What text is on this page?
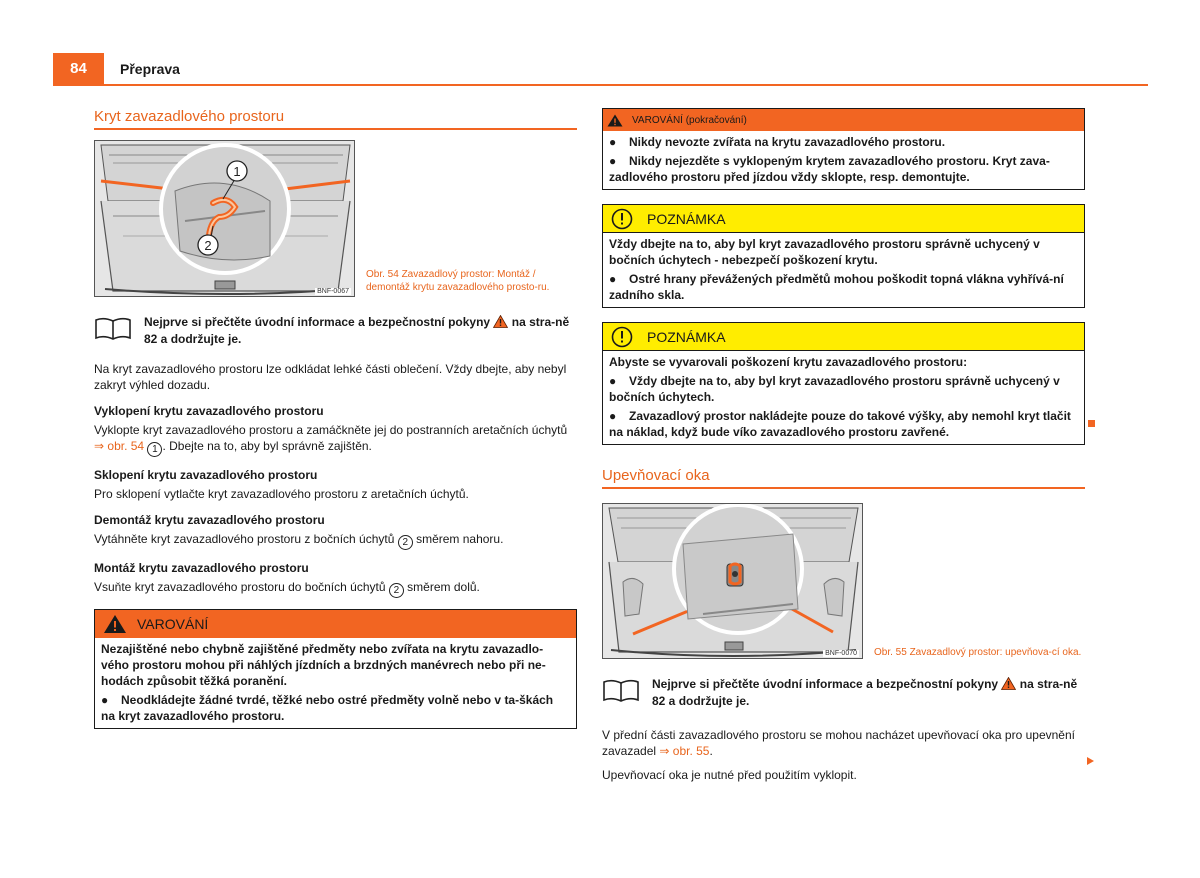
84	Přeprava
Kryt zavazadlového prostoru
1
2
BNF-0067
Obr. 54 Zavazadlový prostor: Montáž / demontáž krytu zavazadlového prosto-ru.
Nejprve si přečtěte úvodní informace a bezpečnostní pokyny  na stra-ně 82 a dodržujte je.

Na kryt zavazadlového prostoru lze odkládat lehké části oblečení. Vždy dbejte, aby nebyl zakryt výhled dozadu.

Vyklopení krytu zavazadlového prostoru

Vyklopte kryt zavazadlového prostoru a zamáčkněte jej do postranních aretačních úchytů ⇒ obr. 54 1 . Dbejte na to, aby byl správně zajištěn.

Sklopení krytu zavazadlového prostoru

Pro sklopení vytlačte kryt zavazadlového prostoru z aretačních úchytů.

Demontáž krytu zavazadlového prostoru

Vytáhněte kryt zavazadlového prostoru z bočních úchytů 2 směrem nahoru.

Montáž krytu zavazadlového prostoru

Vsuňte kryt zavazadlového prostoru do bočních úchytů 2 směrem dolů.

VAROVÁNÍ

Nezajištěné nebo chybně zajištěné předměty nebo zvířata na krytu zavazadlo-vého prostoru mohou při náhlých jízdních a brzdných manévrech nebo při ne-hodách způsobit těžká poranění.

● Neodkládejte žádné tvrdé, těžké nebo ostré předměty volně nebo v ta-škách na kryt zavazadlového prostoru.

VAROVÁNÍ (pokračování)

● Nikdy nevozte zvířata na krytu zavazadlového prostoru.

● Nikdy nejezděte s vyklopeným krytem zavazadlového prostoru. Kryt zava-zadlového prostoru před jízdou vždy sklopte, resp. demontujte.

POZNÁMKA

Vždy dbejte na to, aby byl kryt zavazadlového prostoru správně uchycený v bočních úchytech - nebezpečí poškození krytu.

● Ostré hrany převážených předmětů mohou poškodit topná vlákna vyhřívá-ní zadního skla.

POZNÁMKA

Abyste se vyvarovali poškození krytu zavazadlového prostoru:

● Vždy dbejte na to, aby byl kryt zavazadlového prostoru správně uchycený v bočních úchytech.

● Zavazadlový prostor nakládejte pouze do takové výšky, aby nemohl kryt tlačit na náklad, když bude víko zavazadlového prostoru zavřené.

Upevňovací oka
BNF-0070 Obr. 55 Zavazadlový prostor: upevňova-cí oka.
Nejprve si přečtěte úvodní informace a bezpečnostní pokyny  na stra-ně 82 a dodržujte je.

V přední části zavazadlového prostoru se mohou nacházet upevňovací oka pro upevnění zavazadel ⇒ obr. 55.

Upevňovací oka je nutné před použitím vyklopit.
